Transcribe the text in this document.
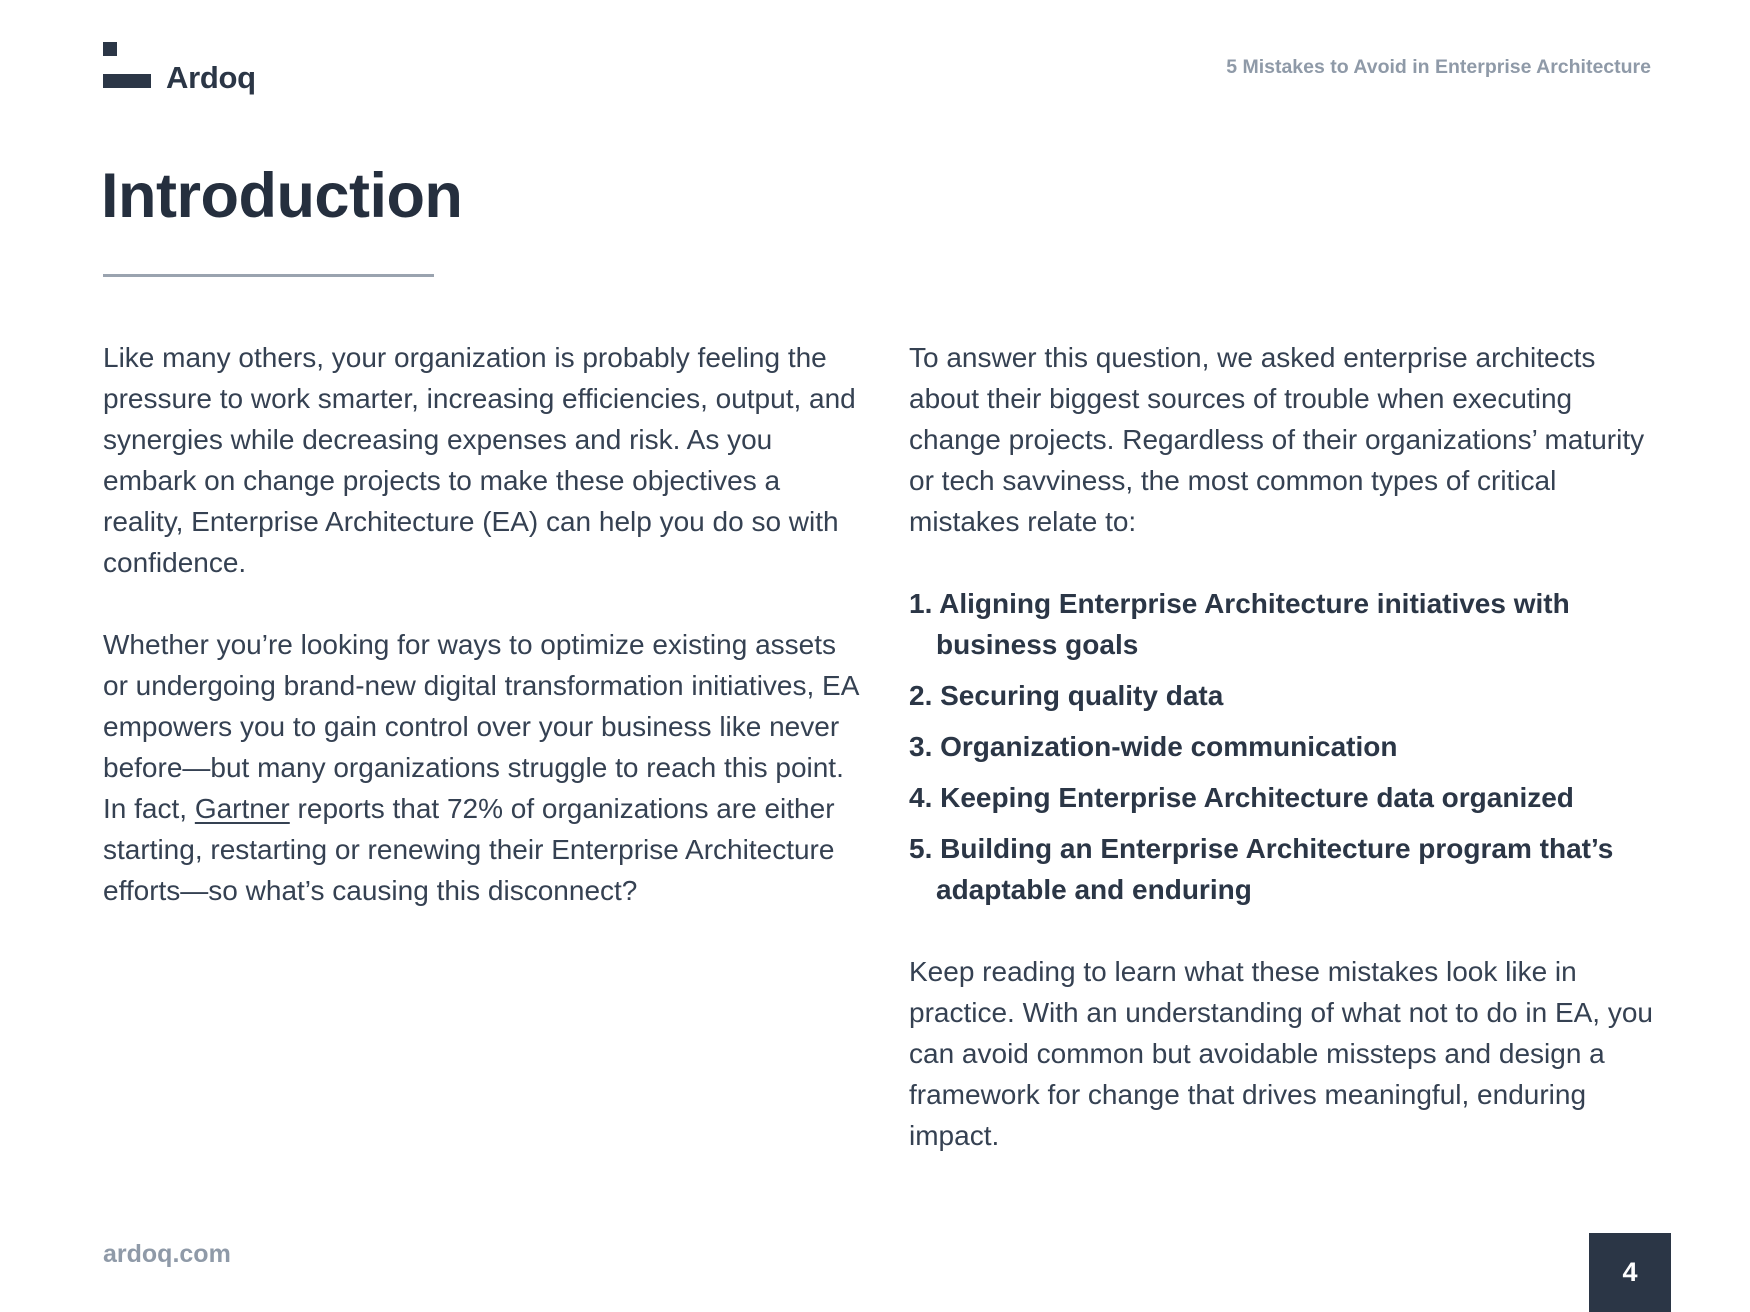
Ardoq	5 Mistakes to Avoid in Enterprise Architecture
Introduction

Like many others, your organization is probably feeling the pressure to work smarter, increasing efficiencies, output, and synergies while decreasing expenses and risk. As you embark on change projects to make these objectives a reality, Enterprise Architecture (EA) can help you do so with confidence.

Whether you’re looking for ways to optimize existing assets or undergoing brand-new digital transformation initiatives, EA empowers you to gain control over your business like never before—but many organizations struggle to reach this point. In fact, Gartner reports that 72% of organizations are either starting, restarting or renewing their Enterprise Architecture efforts—so what’s causing this disconnect?

To answer this question, we asked enterprise architects about their biggest sources of trouble when executing change projects. Regardless of their organizations’ maturity or tech savviness, the most common types of critical mistakes relate to:

1. Aligning Enterprise Architecture initiatives with business goals
2. Securing quality data
3. Organization-wide communication
4. Keeping Enterprise Architecture data organized
5. Building an Enterprise Architecture program that’s adaptable and enduring

Keep reading to learn what these mistakes look like in practice. With an understanding of what not to do in EA, you can avoid common but avoidable missteps and design a framework for change that drives meaningful, enduring impact.

ardoq.com
4
